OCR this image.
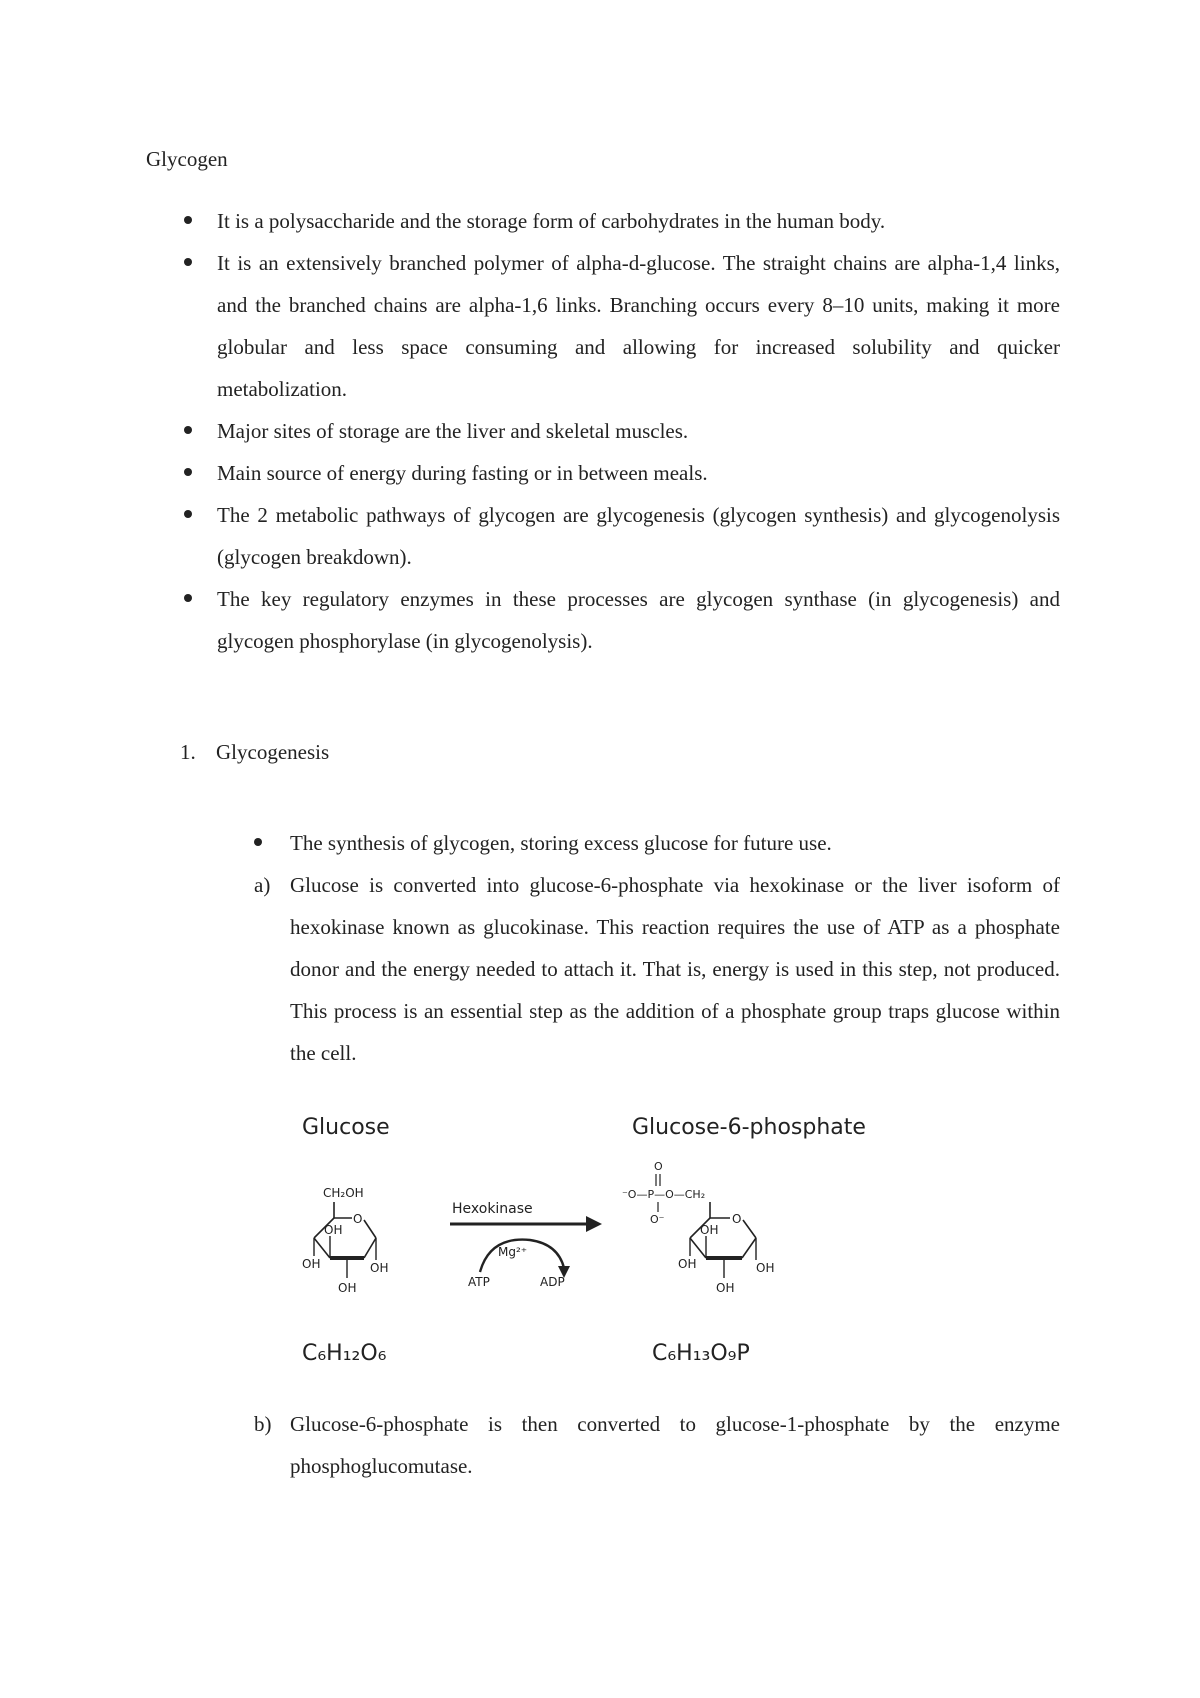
Glycogen
It is a polysaccharide and the storage form of carbohydrates in the human body.
It is an extensively branched polymer of alpha-d-glucose. The straight chains are alpha-1,4 links, and the branched chains are alpha-1,6 links. Branching occurs every 8–10 units, making it more globular and less space consuming and allowing for increased solubility and quicker metabolization.
Major sites of storage are the liver and skeletal muscles.
Main source of energy during fasting or in between meals.
The 2 metabolic pathways of glycogen are glycogenesis (glycogen synthesis) and glycogenolysis (glycogen breakdown).
The key regulatory enzymes in these processes are glycogen synthase (in glycogenesis) and glycogen phosphorylase (in glycogenolysis).
1. Glycogenesis
The synthesis of glycogen, storing excess glucose for future use.
a) Glucose is converted into glucose-6-phosphate via hexokinase or the liver isoform of hexokinase known as glucokinase. This reaction requires the use of ATP as a phosphate donor and the energy needed to attach it. That is, energy is used in this step, not produced. This process is an essential step as the addition of a phosphate group traps glucose within the cell.
Glucose	Glucose-6-phosphate
CH₂OH
O
OH
OH	OH
OH
Hexokinase
Mg²⁺
ATP	ADP
O
⁻O—P—O—CH₂
O⁻	O
OH
OH	OH
OH
C₆H₁₂O₆	C₆H₁₃O₉P
b) Glucose-6-phosphate is then converted to glucose-1-phosphate by the enzyme phosphoglucomutase.
